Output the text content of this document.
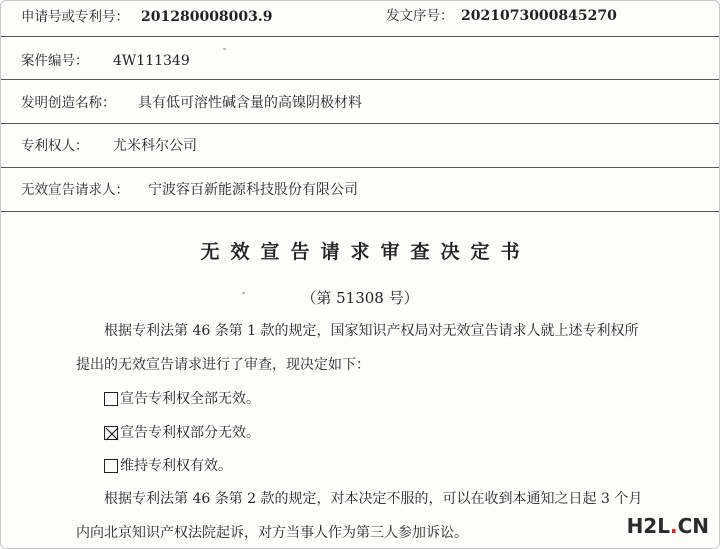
申请号或专利号： 201280008003.9	发文序号： 2021073000845270
案件编号： 4W111349
发明创造名称： 具有低可溶性碱含量的高镍阴极材料
专利权人： 尤米科尔公司
无效宣告请求人： 宁波容百新能源科技股份有限公司
无效宣告请求审查决定书
（第 51308 号）
根据专利法第 46 条第 1 款的规定，国家知识产权局对无效宣告请求人就上述专利权所
提出的无效宣告请求进行了审查，现决定如下：
宣告专利权全部无效。
宣告专利权部分无效。
维持专利权有效。
根据专利法第 46 条第 2 款的规定，对本决定不服的，可以在收到本通知之日起 3 个月
内向北京知识产权法院起诉，对方当事人作为第三人参加诉讼。	H2L.CN
